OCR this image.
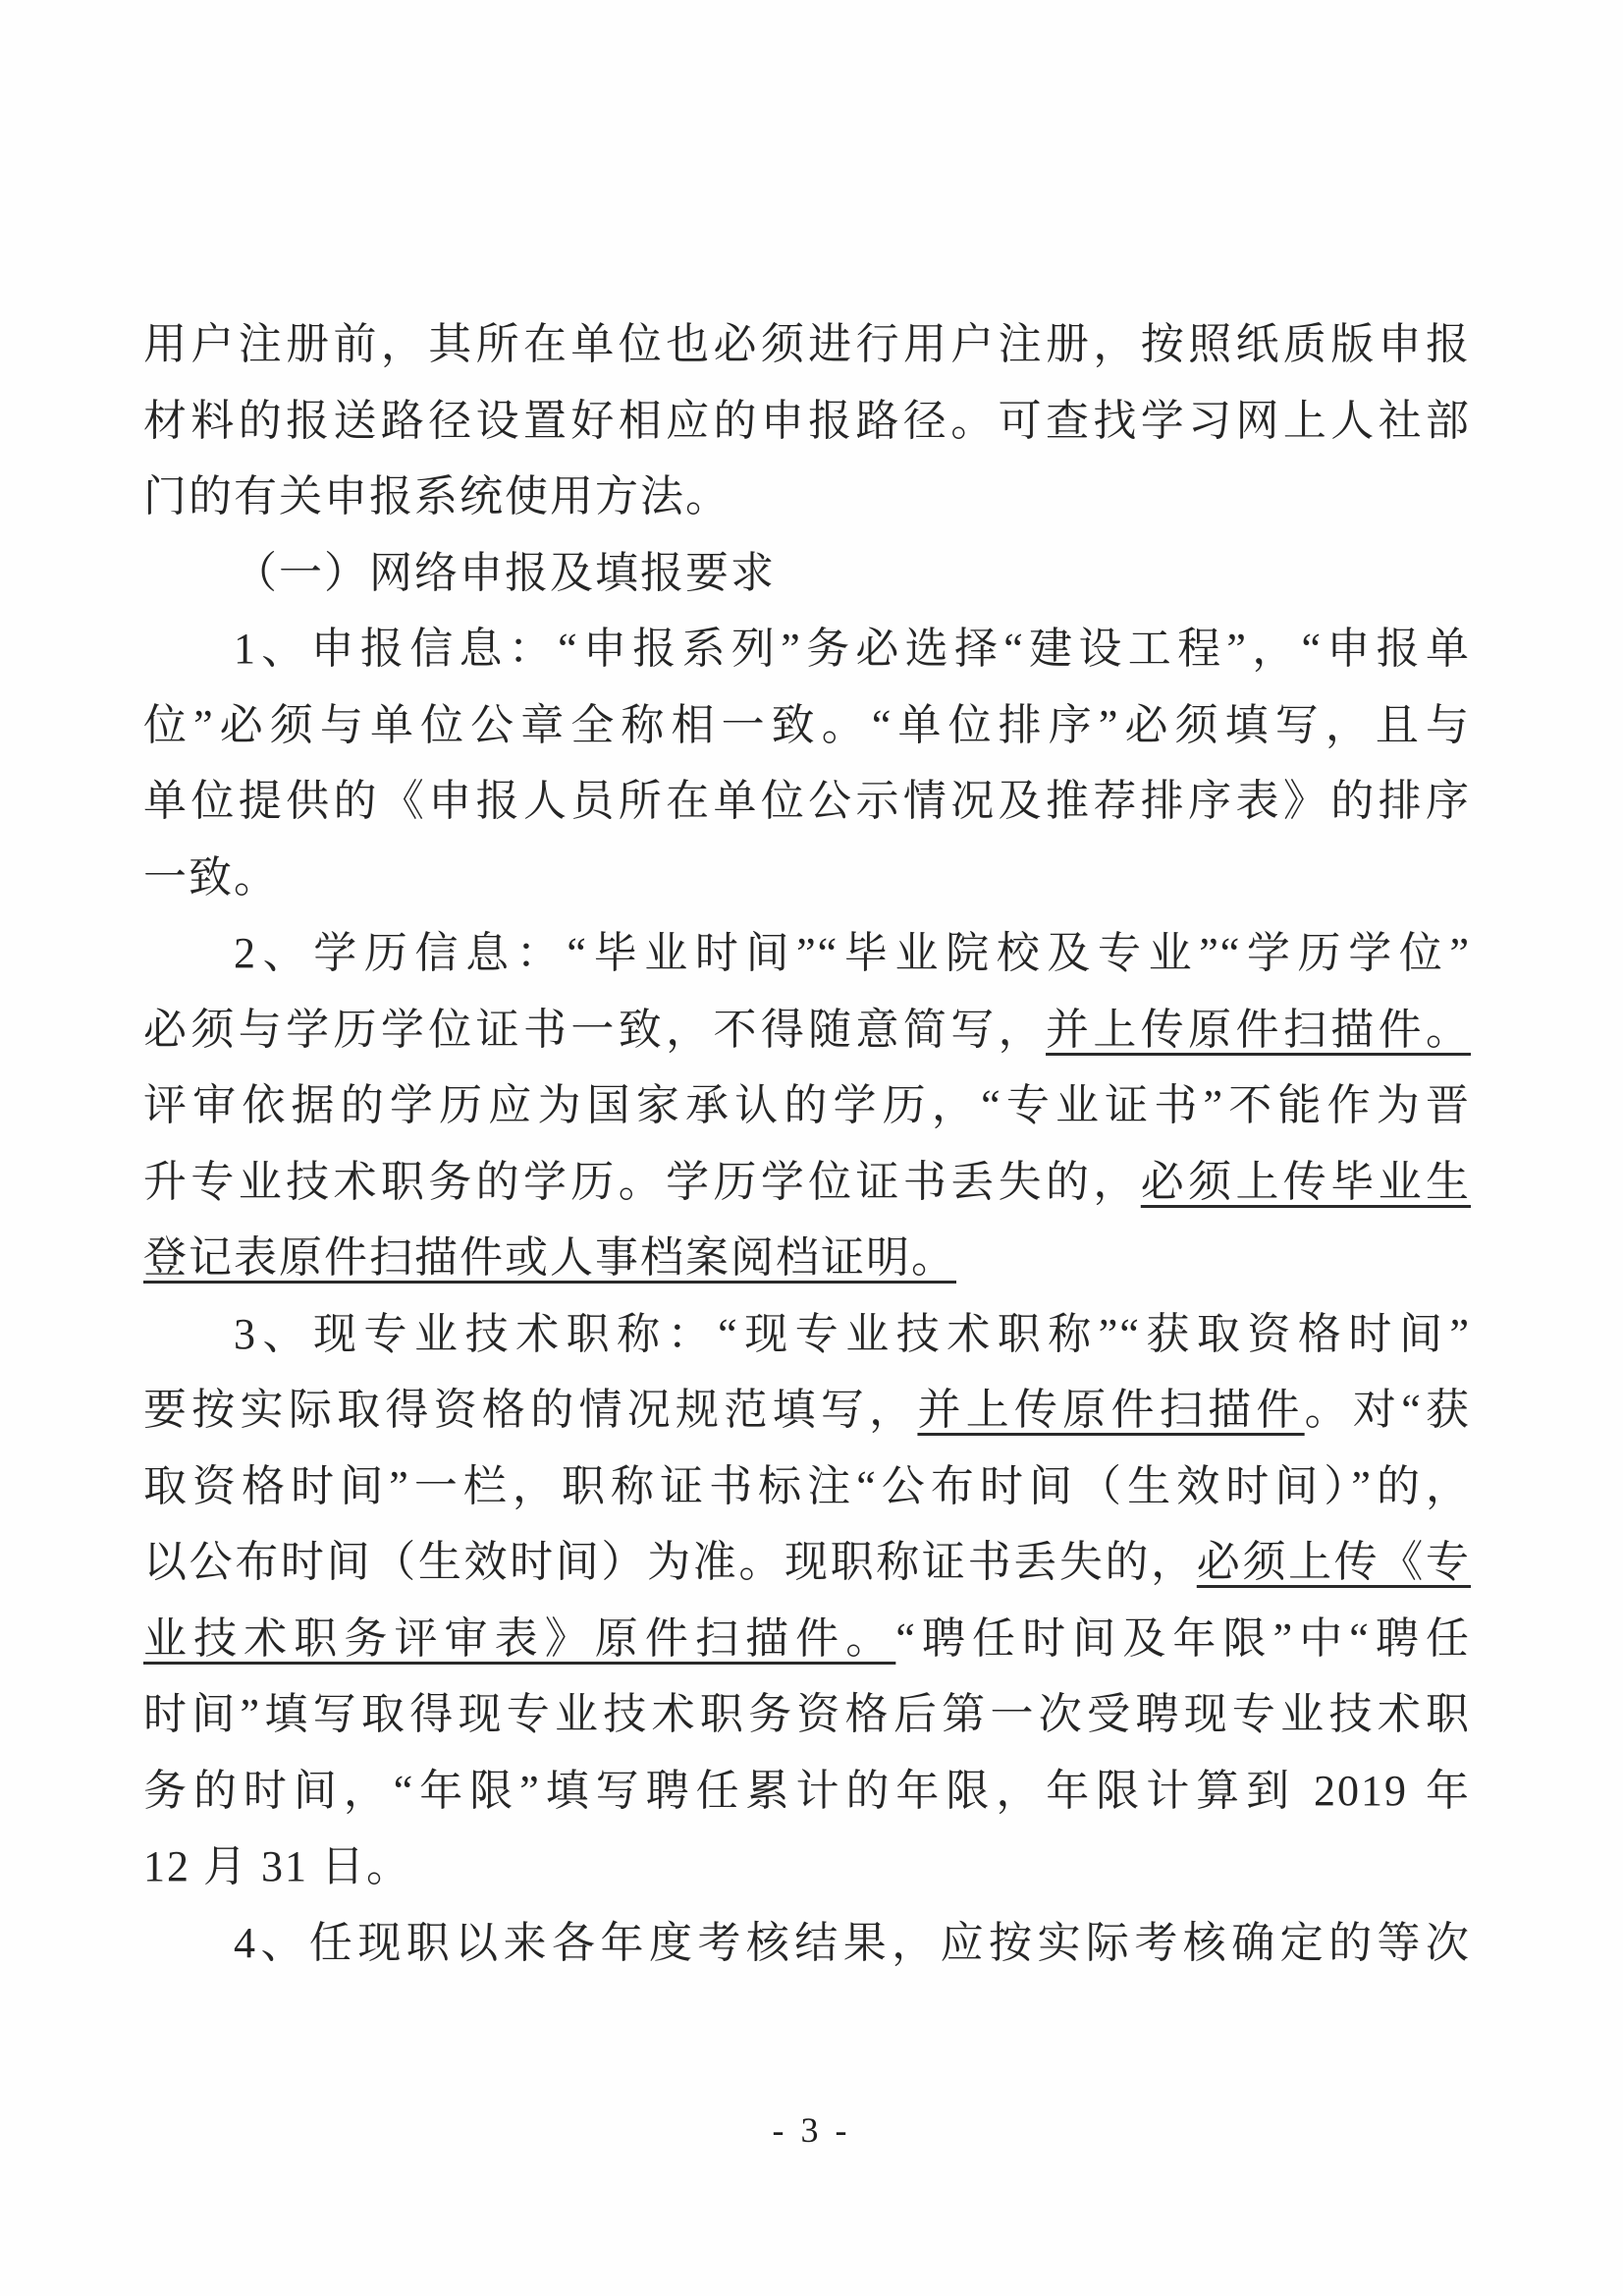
用户注册前，其所在单位也必须进行用户注册，按照纸质版申报
材料的报送路径设置好相应的申报路径。可查找学习网上人社部
门的有关申报系统使用方法。
（一）网络申报及填报要求
1、申报信息：“申报系列”务必选择“建设工程”，“申报单
位”必须与单位公章全称相一致。“单位排序”必须填写，且与
单位提供的《申报人员所在单位公示情况及推荐排序表》的排序
一致。
2、学历信息：“毕业时间”“毕业院校及专业”“学历学位”
必须与学历学位证书一致，不得随意简写，并上传原件扫描件。
评审依据的学历应为国家承认的学历，“专业证书”不能作为晋
升专业技术职务的学历。学历学位证书丢失的，必须上传毕业生
登记表原件扫描件或人事档案阅档证明。
3、现专业技术职称：“现专业技术职称”“获取资格时间”
要按实际取得资格的情况规范填写，并上传原件扫描件。对“获
取资格时间”一栏，职称证书标注“公布时间（生效时间）”的，
以公布时间（生效时间）为准。现职称证书丢失的，必须上传《专
业技术职务评审表》原件扫描件。“聘任时间及年限”中“聘任
时间”填写取得现专业技术职务资格后第一次受聘现专业技术职
务的时间，“年限”填写聘任累计的年限，年限计算到 2019 年
12 月 31 日。
4、任现职以来各年度考核结果，应按实际考核确定的等次
- 3 -
